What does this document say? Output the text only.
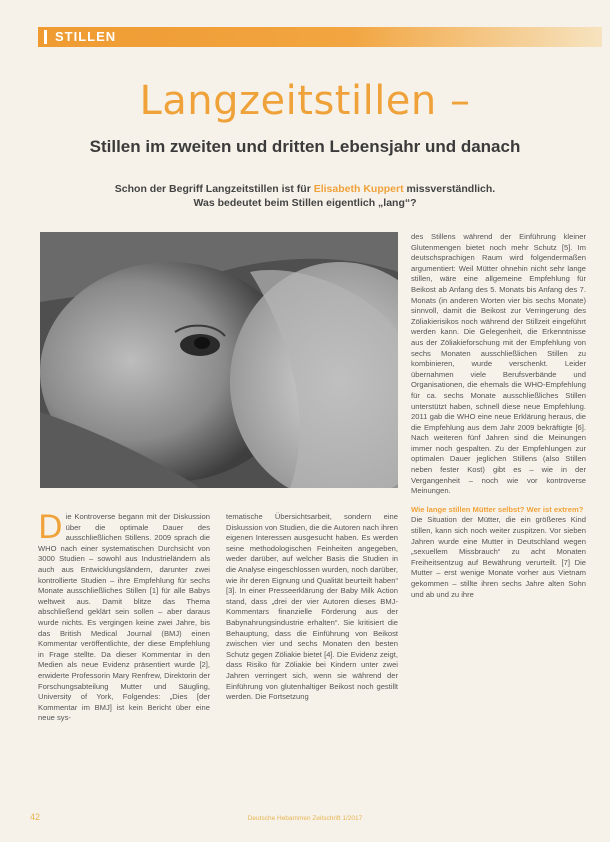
STILLEN
Langzeitstillen –
Stillen im zweiten und dritten Lebensjahr und danach
Schon der Begriff Langzeitstillen ist für Elisabeth Kuppert missverständlich.
Was bedeutet beim Stillen eigentlich „lang“?
D ie Kontroverse begann mit der Diskussion über die optimale Dauer des ausschließlichen Stillens. 2009 sprach die WHO nach einer systematischen Durchsicht von 3000 Studien – sowohl aus Industrieländern als auch aus Entwicklungsländern, darunter zwei kontrollierte Studien – ihre Empfehlung für sechs Monate ausschließliches Stillen [1] für alle Babys weltweit aus. Damit blitze das Thema abschließend geklärt sein sollen – aber daraus wurde nichts. Es vergingen keine zwei Jahre, bis das British Medical Journal (BMJ) einen Kommentar veröffentlichte, der diese Empfehlung in Frage stellte. Da dieser Kommentar in den Medien als neue Evidenz präsentiert wurde [2], erwiderte Professorin Mary Renfrew, Direktorin der Forschungsabteilung Mutter und Säugling, University of York, Folgendes: „Dies [der Kommentar im BMJ] ist kein Bericht über eine neue sys-

tematische Übersichtsarbeit, sondern eine Diskussion von Studien, die die Autoren nach ihren eigenen Interessen ausgesucht haben. Es werden seine methodologischen Feinheiten angegeben, weder darüber, auf welcher Basis die Studien in die Analyse eingeschlossen wurden, noch darüber, wie ihr deren Eignung und Qualität beurteilt haben“ [3]. In einer Presseerklärung der Baby Milk Action stand, dass „drei der vier Autoren dieses BMJ-Kommentars finanzielle Förderung aus der Babynahrungsindustrie erhalten“. Sie kritisiert die Behauptung, dass die Einführung von Beikost zwischen vier und sechs Monaten den besten Schutz gegen Zöliakie bietet [4]. Die Evidenz zeigt, dass Risiko für Zöliakie bei Kindern unter zwei Jahren verringert sich, wenn sie während der Einführung von glutenhaltiger Beikost noch gestillt werden. Die Fortsetzung

des Stillens während der Einführung kleiner Glutenmengen bietet noch mehr Schutz [5]. Im deutschsprachigen Raum wird folgendermaßen argumentiert: Weil Mütter ohnehin nicht sehr lange stillen, wäre eine allgemeine Empfehlung für Beikost ab Anfang des 5. Monats bis Anfang des 7. Monats (in anderen Worten vier bis sechs Monate) sinnvoll, damit die Beikost zur Verringerung des Zöliakierisikos noch während der Stillzeit eingeführt werden kann. Die Gelegenheit, die Erkenntnisse aus der Zöliakieforschung mit der Empfehlung von sechs Monaten ausschließlichen Stillen zu kombinieren, wurde verschenkt. Leider übernahmen viele Berufsverbände und Organisationen, die ehemals die WHO-Empfehlung für ca. sechs Monate ausschließliches Stillen unterstützt haben, schnell diese neue Empfehlung. 2011 gab die WHO eine neue Erklärung heraus, die die Empfehlung aus dem Jahr 2009 bekräftigte [6]. Nach weiteren fünf Jahren sind die Meinungen immer noch gespalten. Zu der Empfehlungen zur optimalen Dauer jeglichen Stillens (also Stillen neben fester Kost) gibt es – wie in der Vergangenheit – noch wie vor kontroverse Meinungen.

Wie lange stillen Mütter selbst? Wer ist extrem?

Die Situation der Mütter, die ein größeres Kind stillen, kann sich noch weiter zuspitzen. Vor sieben Jahren wurde eine Mutter in Deutschland wegen „sexuellem Missbrauch“ zu acht Monaten Freiheitsentzug auf Bewährung verurteilt. [7] Die Mutter – erst wenige Monate vorher aus Vietnam gekommen – stillte ihren sechs Jahre alten Sohn und ab und zu ihre

42	Deutsche Hebammen Zeitschrift 1/2017
